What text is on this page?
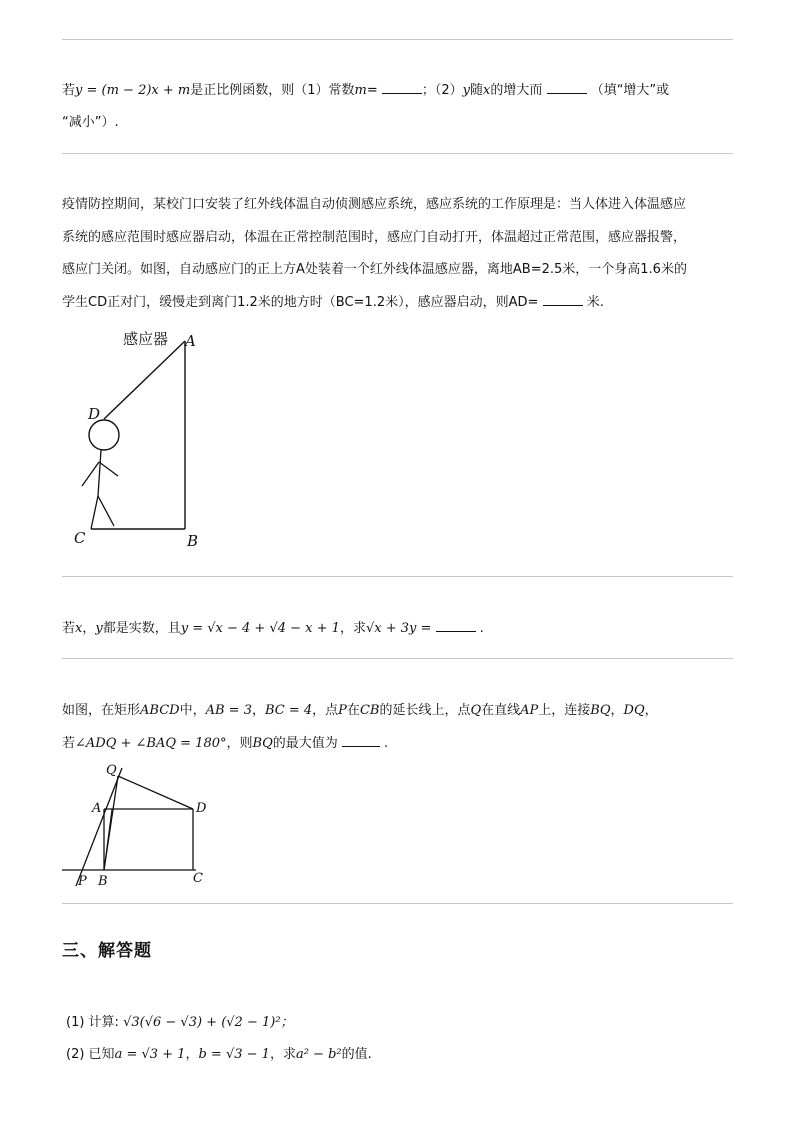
若y = (m − 2)x + m是正比例函数，则（1）常数m=	；（2）y随x的增大而	（填“增大”或
“减小”）.
疫情防控期间，某校门口安装了红外线体温自动侦测感应系统，感应系统的工作原理是：当人体进入体温感应
系统的感应范围时感应器启动，体温在正常控制范围时，感应门自动打开，体温超过正常范围，感应器报警，
感应门关闭。如图，自动感应门的正上方A处装着一个红外线体温感应器，离地AB=2.5米，一个身高1.6米的
学生CD正对门，缓慢走到离门1.2米的地方时（BC=1.2米），感应器启动，则AD=	米.
感应器 A
D
C	B
若x，y都是实数，且y = √x − 4 + √4 − x + 1，求√x + 3y =	.
如图，在矩形ABCD中，AB = 3，BC = 4，点P在CB的延长线上，点Q在直线AP上，连接BQ，DQ，
若∠ADQ + ∠BAQ = 180°，则BQ的最大值为	.
Q
A	D
P B	C
三、解答题
(1) 计算: √3(√6 − √3) + (√2 − 1)²；
(2) 已知a = √3 + 1，b = √3 − 1，求a² − b²的值.
